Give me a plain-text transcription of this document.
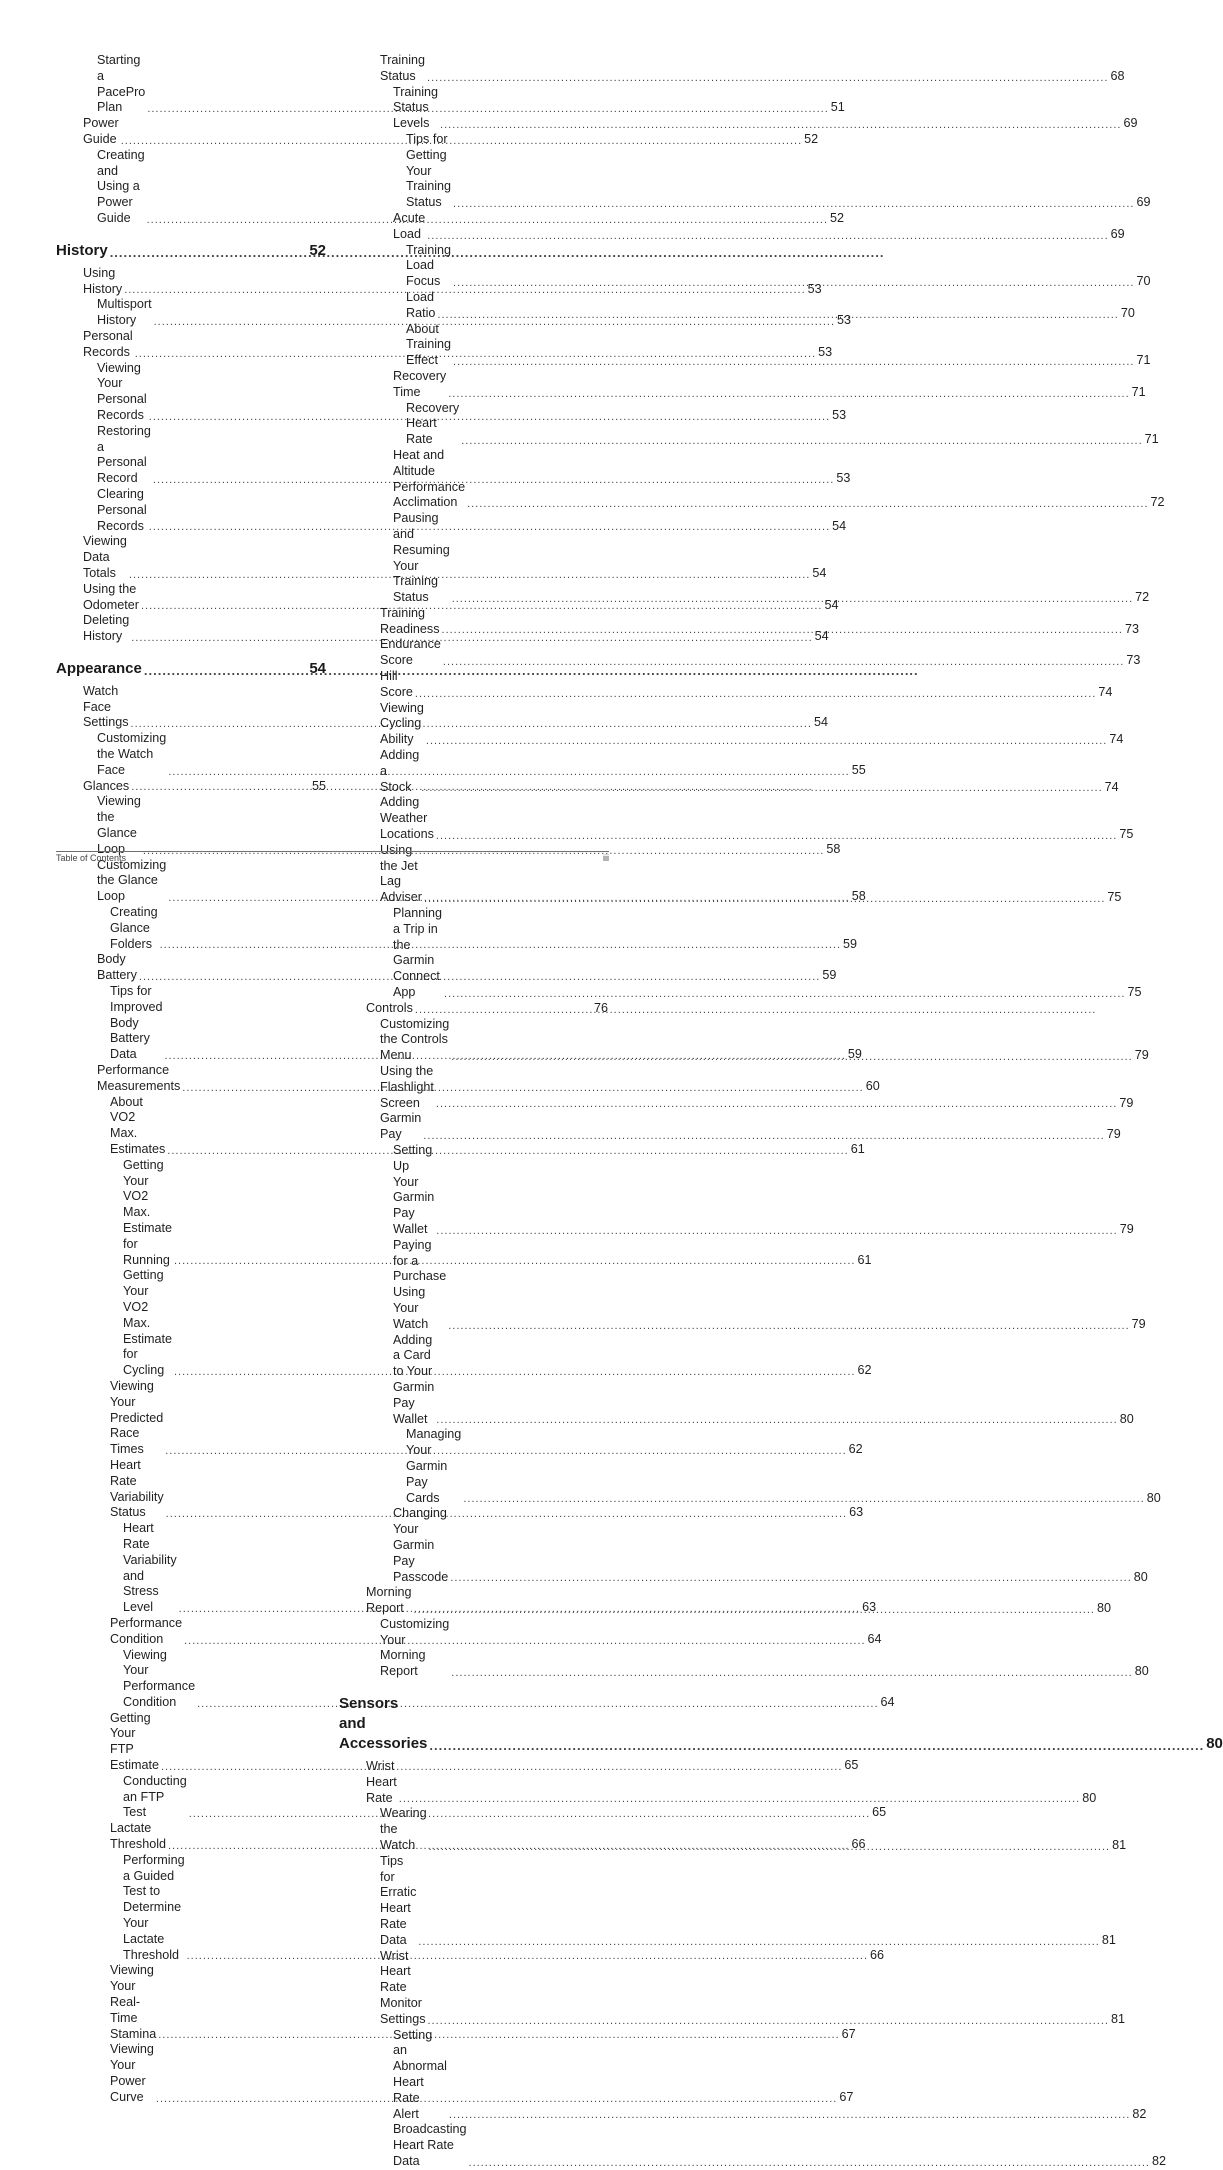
Starting a PacePro Plan .....	51
Power Guide .....	52
Creating and Using a Power Guide .....	52
History .....	52
Using History .....	53
Multisport History .....	53
Personal Records .....	53
Viewing Your Personal Records .....	53
Restoring a Personal Record .....	53
Clearing Personal Records .....	54
Viewing Data Totals .....	54
Using the Odometer .....	54
Deleting History .....	54
Appearance .....	54
Watch Face Settings .....	54
Customizing the Watch Face .....	55
Glances .....	55
Viewing the Glance Loop .....	58
Customizing the Glance Loop .....	58
Creating Glance Folders .....	59
Body Battery .....	59
Tips for Improved Body Battery Data .....	59
Performance Measurements .....	60
About VO2 Max. Estimates .....	61
Getting Your VO2 Max. Estimate for Running .....	61
Getting Your VO2 Max. Estimate for Cycling .....	62
Viewing Your Predicted Race Times .....	62
Heart Rate Variability Status .....	63
Heart Rate Variability and Stress Level .....	63
Performance Condition .....	64
Viewing Your Performance Condition .....	64
Getting Your FTP Estimate .....	65
Conducting an FTP Test .....	65
Lactate Threshold .....	66
Performing a Guided Test to Determine Your Lactate Threshold .....	66
Viewing Your Real-Time Stamina .....	67
Viewing Your Power Curve .....	67
Training Status .....	68
Training Status Levels .....	69
Tips for Getting Your Training Status .....	69
Acute Load .....	69
Training Load Focus .....	70
Load Ratio .....	70
About Training Effect .....	71
Recovery Time .....	71
Recovery Heart Rate .....	71
Heat and Altitude Performance Acclimation .....	72
Pausing and Resuming Your Training Status .....	72
Training Readiness .....	73
Endurance Score .....	73
Hill Score .....	74
Viewing Cycling Ability .....	74
Adding a Stock .....	74
Adding Weather Locations .....	75
Using the Jet Lag Adviser .....	75
Planning a Trip in the Garmin Connect App .....	75
Controls .....	76
Customizing the Controls Menu .....	79
Using the Flashlight Screen .....	79
Garmin Pay .....	79
Setting Up Your Garmin Pay Wallet .....	79
Paying for a Purchase Using Your Watch .....	79
Adding a Card to Your Garmin Pay Wallet .....	80
Managing Your Garmin Pay Cards .....	80
Changing Your Garmin Pay Passcode .....	80
Morning Report .....	80
Customizing Your Morning Report .....	80
Sensors and Accessories .....	80
Wrist Heart Rate .....	80
Wearing the Watch .....	81
Tips for Erratic Heart Rate Data .....	81
Wrist Heart Rate Monitor Settings .....	81
Setting an Abnormal Heart Rate Alert .....	82
Broadcasting Heart Rate Data .....	82
Table of Contents	iii
